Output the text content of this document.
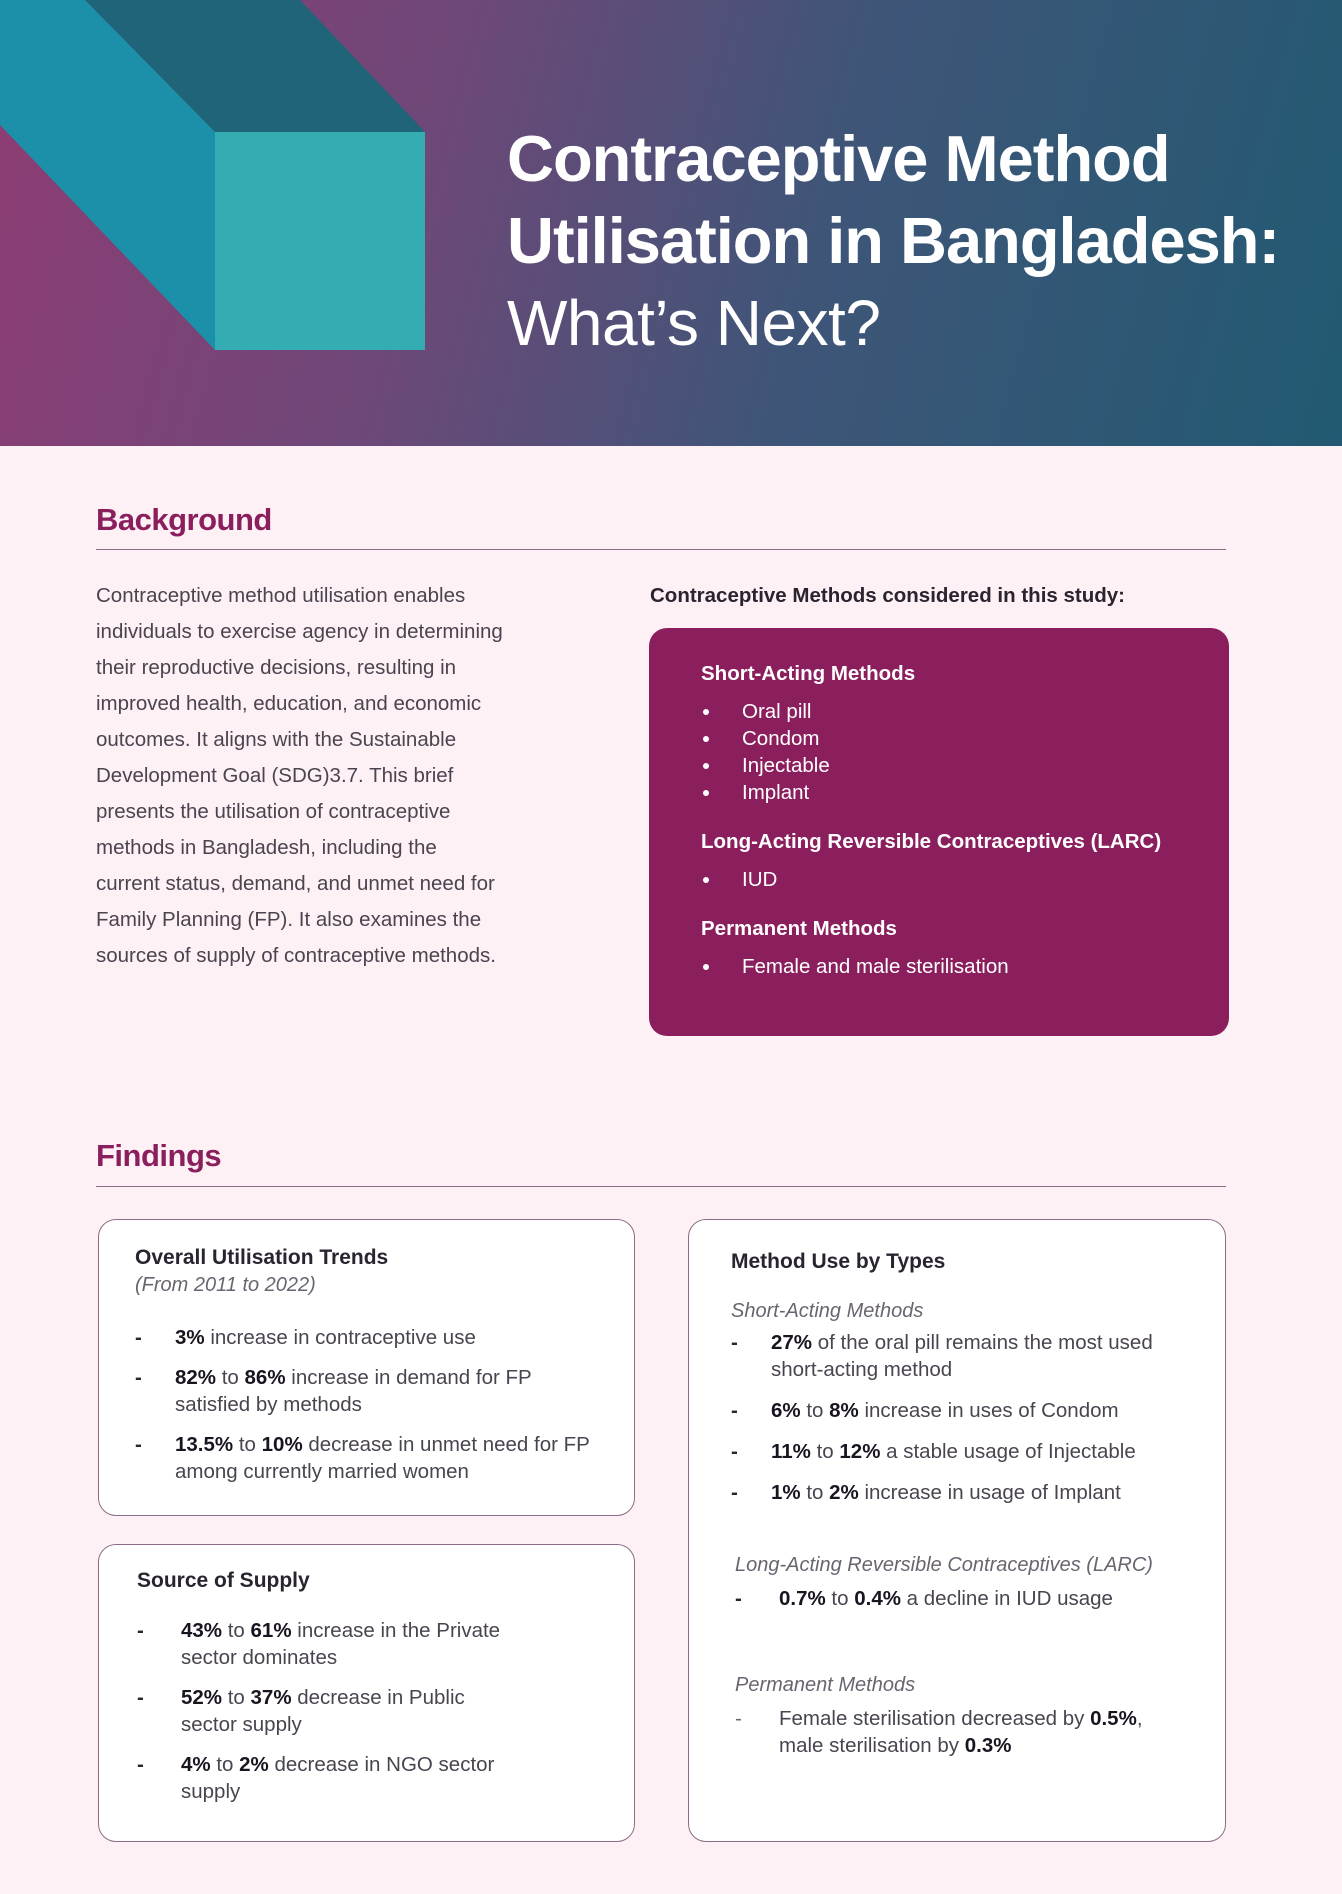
Contraceptive Method
Utilisation in Bangladesh:
What’s Next?
Background

Contraceptive method utilisation enables individuals to exercise agency in determining their reproductive decisions, resulting in improved health, education, and economic outcomes. It aligns with the Sustainable Development Goal (SDG)3.7. This brief presents the utilisation of contraceptive methods in Bangladesh, including the current status, demand, and unmet need for Family Planning (FP). It also examines the sources of supply of contraceptive methods.

Contraceptive Methods considered in this study:
Short-Acting Methods
Oral pill
Condom
Injectable
Implant
Long-Acting Reversible Contraceptives (LARC)
IUD
Permanent Methods
Female and male sterilisation
Findings
Overall Utilisation Trends
(From 2011 to 2022)
- 3% increase in contraceptive use
- 82% to 86% increase in demand for FP satisfied by methods
- 13.5% to 10% decrease in unmet need for FP among currently married women
Source of Supply
- 43% to 61% increase in the Private sector dominates
- 52% to 37% decrease in Public sector supply
- 4% to 2% decrease in NGO sector supply
Method Use by Types
Short-Acting Methods
- 27% of the oral pill remains the most used short-acting method
- 6% to 8% increase in uses of Condom
- 11% to 12% a stable usage of Injectable
- 1% to 2% increase in usage of Implant
Long-Acting Reversible Contraceptives (LARC)
- 0.7% to 0.4% a decline in IUD usage
Permanent Methods
- Female sterilisation decreased by 0.5%, male sterilisation by 0.3%
